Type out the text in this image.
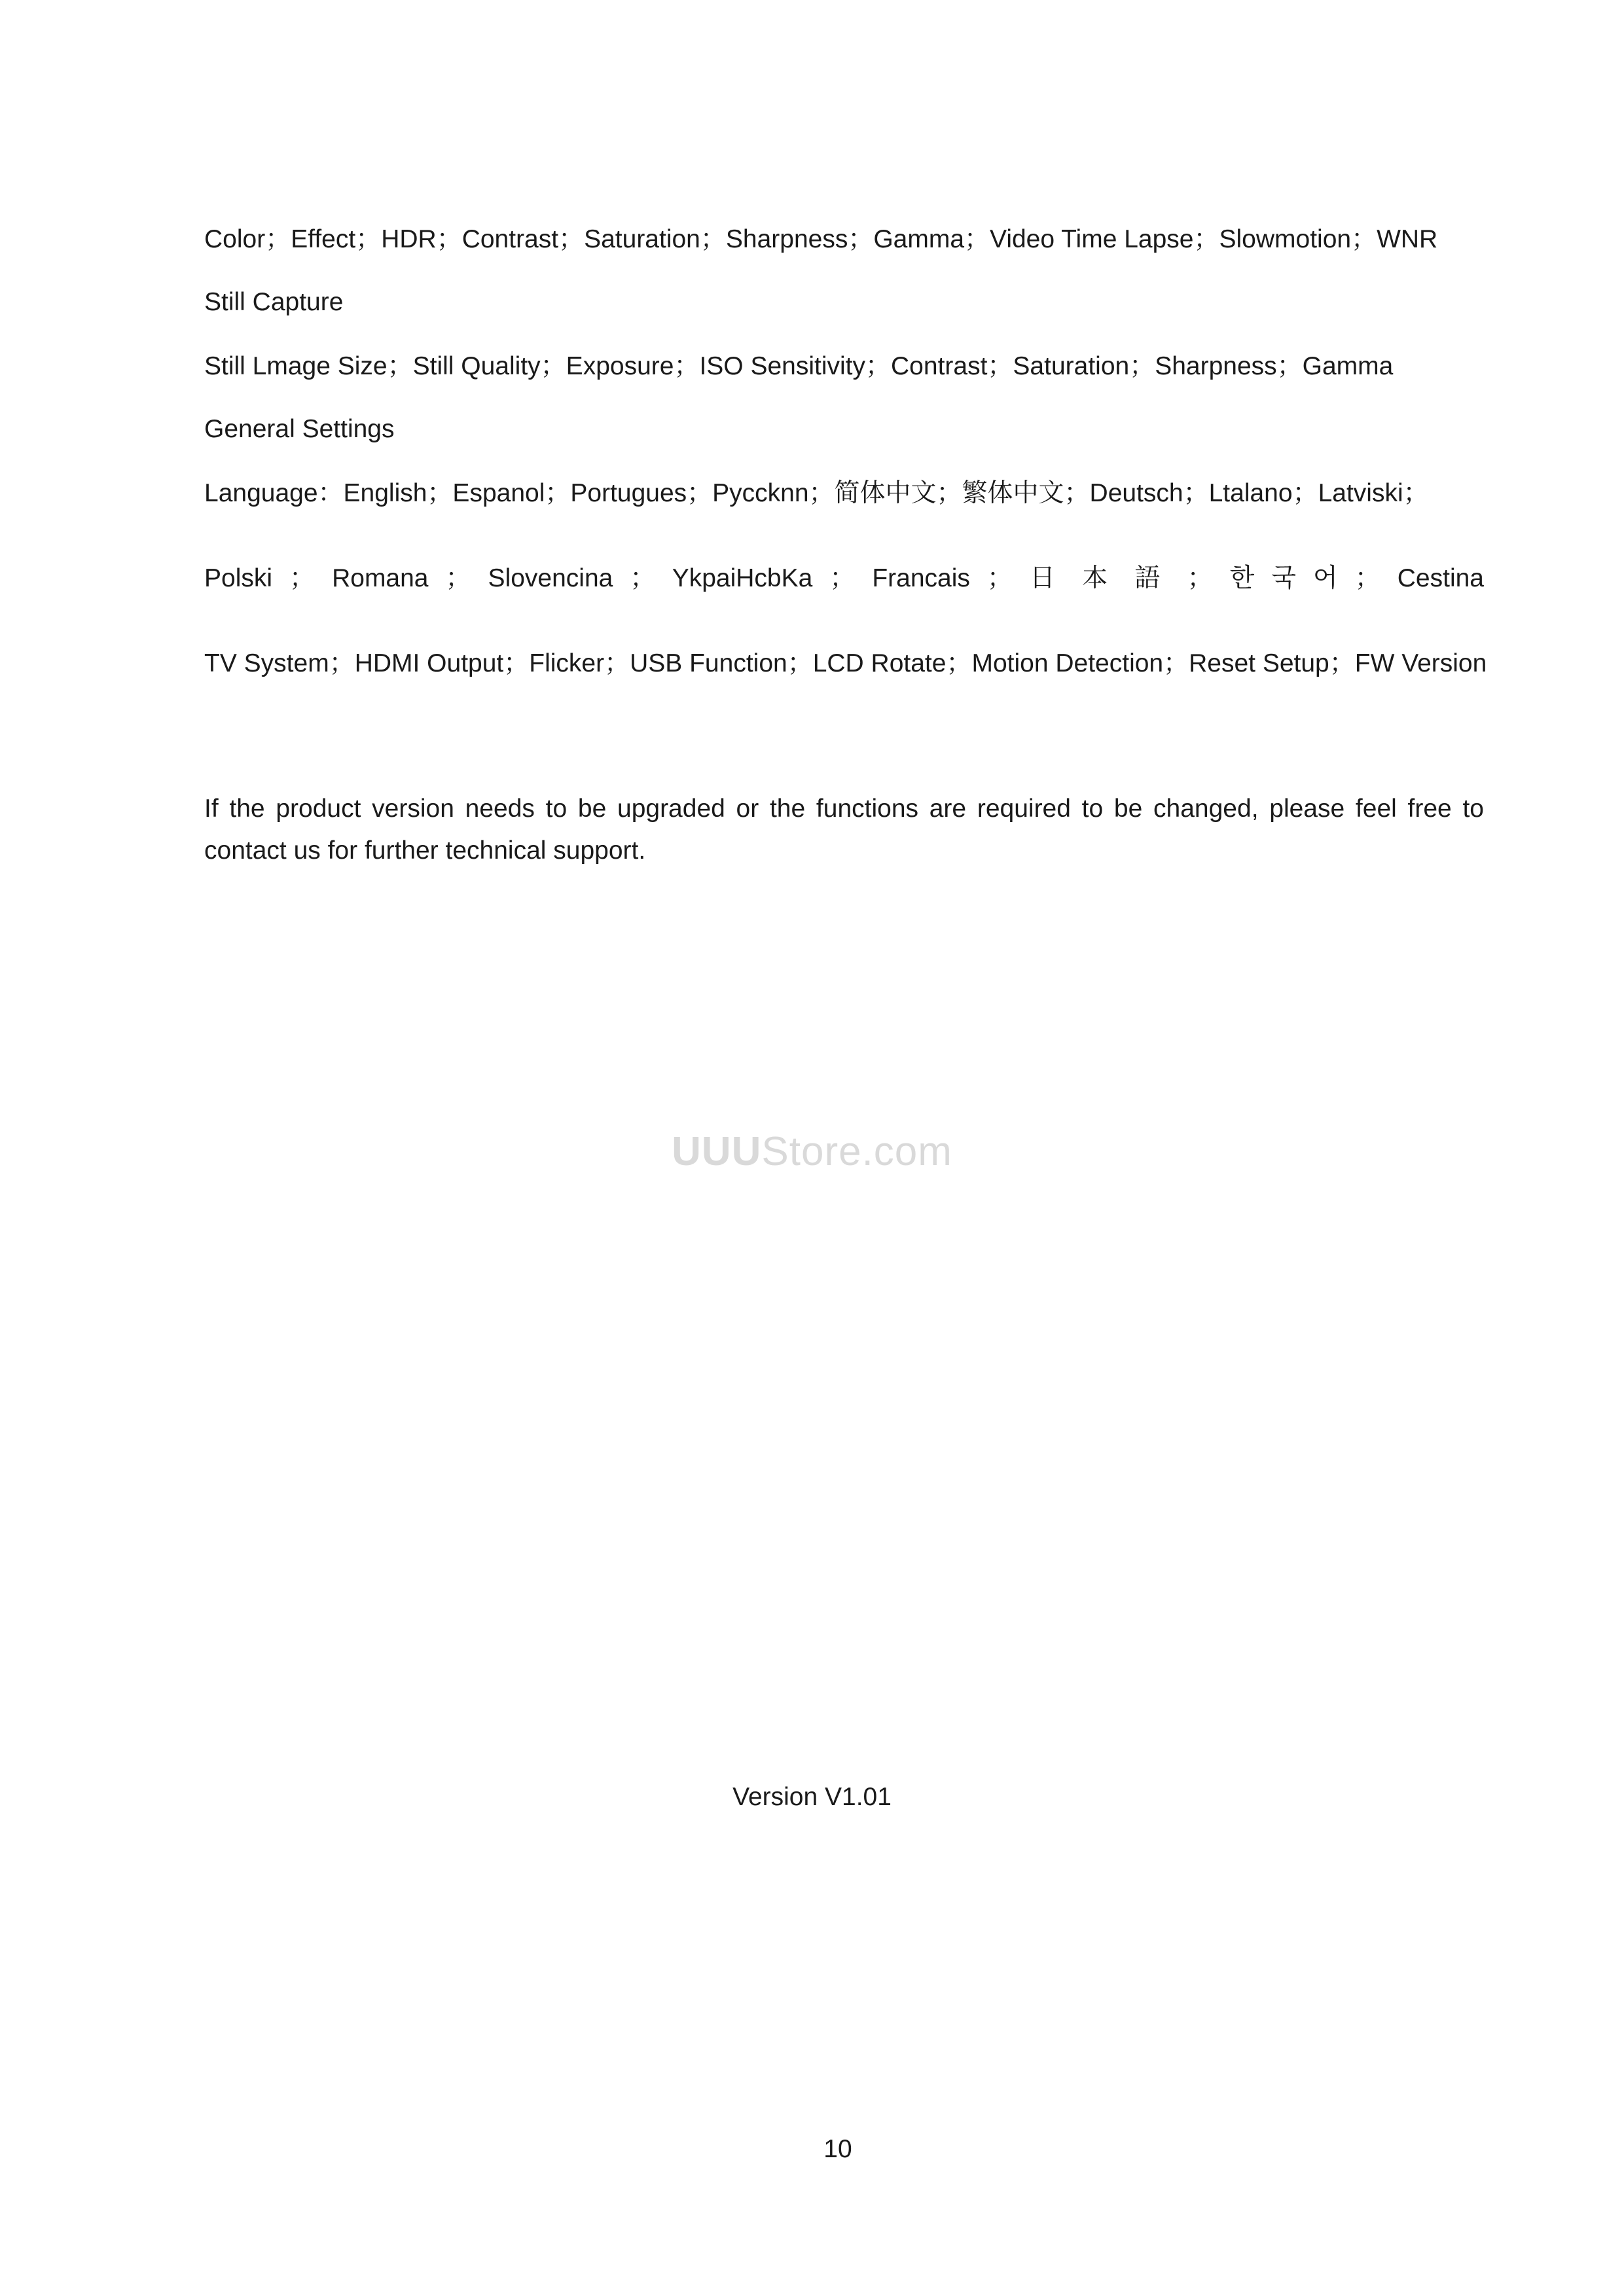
Color；Effect；HDR；Contrast；Saturation；Sharpness；Gamma；Video Time Lapse；Slowmotion；WNR
Still Capture
Still Lmage Size；Still Quality；Exposure；ISO Sensitivity；Contrast；Saturation；Sharpness；Gamma
General Settings
Language：English；Espanol；Portugues；Pyccknn；简体中文；繁体中文；Deutsch；Ltalano；Latviski；
Polski ； Romana ； Slovencina ； YkpaiHcbKa ； Francais ； 日 本 語 ； 한 국 어 ； Cestina
TV System；HDMI Output；Flicker；USB Function；LCD Rotate；Motion Detection；Reset Setup；FW Version
If the product version needs to be upgraded or the functions are required to be changed, please feel free to contact us for further technical support.
UUUStore.com
Version V1.01
10
